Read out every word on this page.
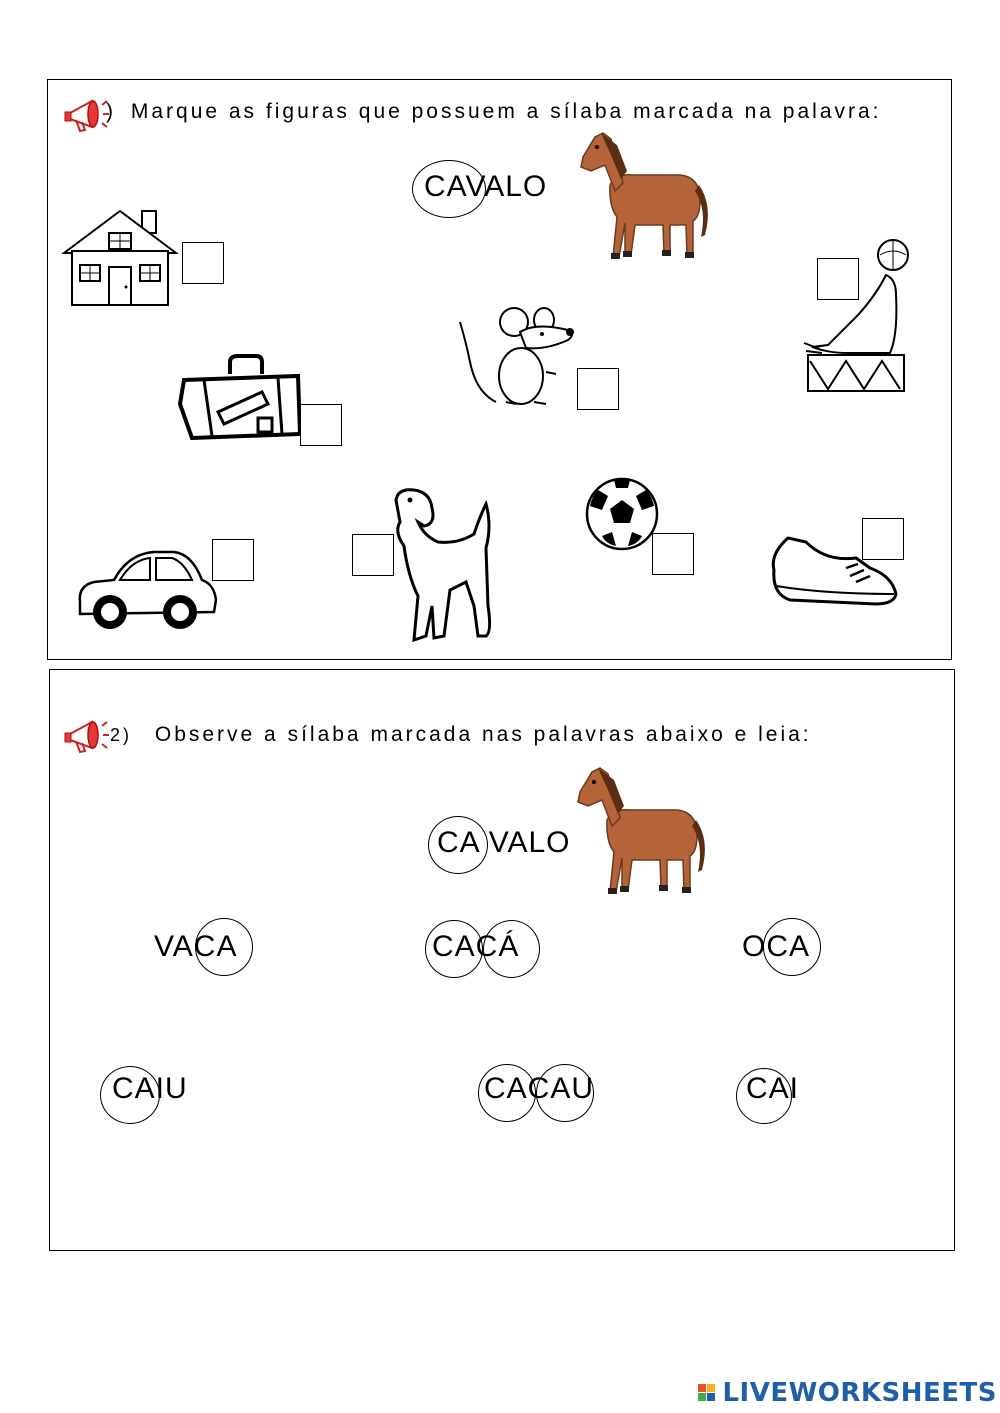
) Marque as figuras que possuem a sílaba marcada na palavra:
CAVALO
2) Observe a sílaba marcada nas palavras abaixo e leia:
CA VALO
VACA	CACÁ	OCA
CAIU	CACAU	CAI

LIVEWORKSHEETS
